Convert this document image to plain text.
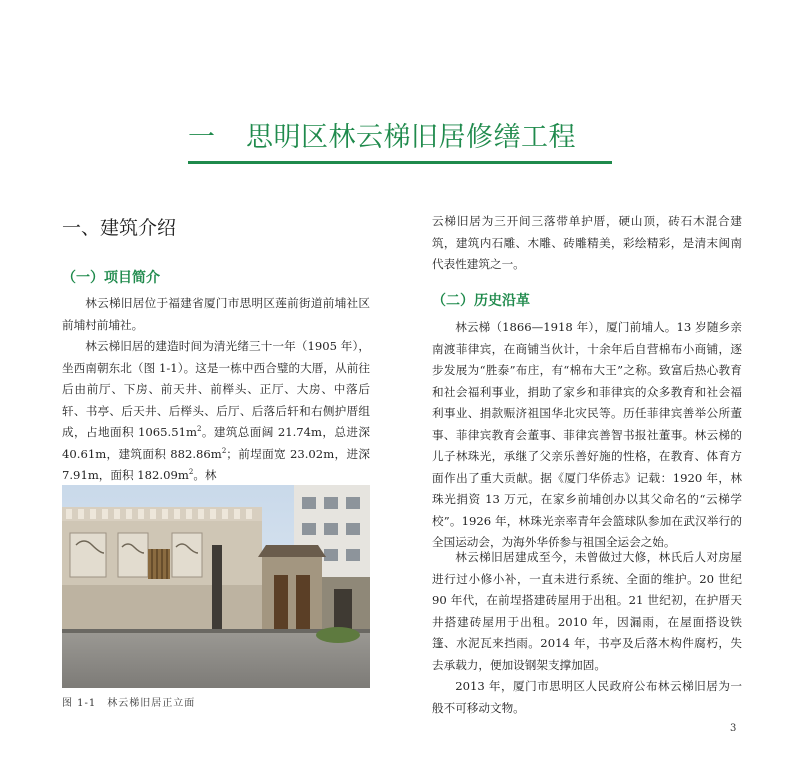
一 思明区林云梯旧居修缮工程
一、建筑介绍
（一）项目简介

林云梯旧居位于福建省厦门市思明区莲前街道前埔社区前埔村前埔社。

林云梯旧居的建造时间为清光绪三十一年（1905 年），坐西南朝东北（图 1-1）。这是一栋中西合璧的大厝，从前往后由前厅、下房、前天井、前榉头、正厅、大房、中落后轩、书亭、后天井、后榉头、后厅、后落后轩和右侧护厝组成，占地面积 $1065.51m^2$。建筑总面阔 21.74m，总进深 40.61m，建筑面积 $882.86m^2$；前埕面宽 23.02m，进深 7.91m，面积 $182.09m^2$。林

图 1-1　林云梯旧居正立面

云梯旧居为三开间三落带单护厝，硬山顶，砖石木混合建筑，建筑内石雕、木雕、砖雕精美，彩绘精彩，是清末闽南代表性建筑之一。

（二）历史沿革

林云梯（1866—1918 年），厦门前埔人。13 岁随乡亲南渡菲律宾，在商铺当伙计，十余年后自营棉布小商铺，逐步发展为“胜泰”布庄，有“棉布大王”之称。致富后热心教育和社会福利事业，捐助了家乡和菲律宾的众多教育和社会福利事业、捐款赈济祖国华北灾民等。历任菲律宾善举公所董事、菲律宾教育会董事、菲律宾善智书报社董事。林云梯的儿子林珠光，承继了父亲乐善好施的性格，在教育、体育方面作出了重大贡献。据《厦门华侨志》记载：1920 年，林珠光捐资 13 万元，在家乡前埔创办以其父命名的“云梯学校”。1926 年，林珠光亲率青年会篮球队参加在武汉举行的全国运动会，为海外华侨参与祖国全运会之始。

林云梯旧居建成至今，未曾做过大修，林氏后人对房屋进行过小修小补，一直未进行系统、全面的维护。20 世纪 90 年代，在前埕搭建砖屋用于出租。21 世纪初，在护厝天井搭建砖屋用于出租。2010 年，因漏雨，在屋面搭设铁篷、水泥瓦来挡雨。2014 年，书亭及后落木构件腐朽，失去承载力，便加设钢架支撑加固。

2013 年，厦门市思明区人民政府公布林云梯旧居为一般不可移动文物。

3
